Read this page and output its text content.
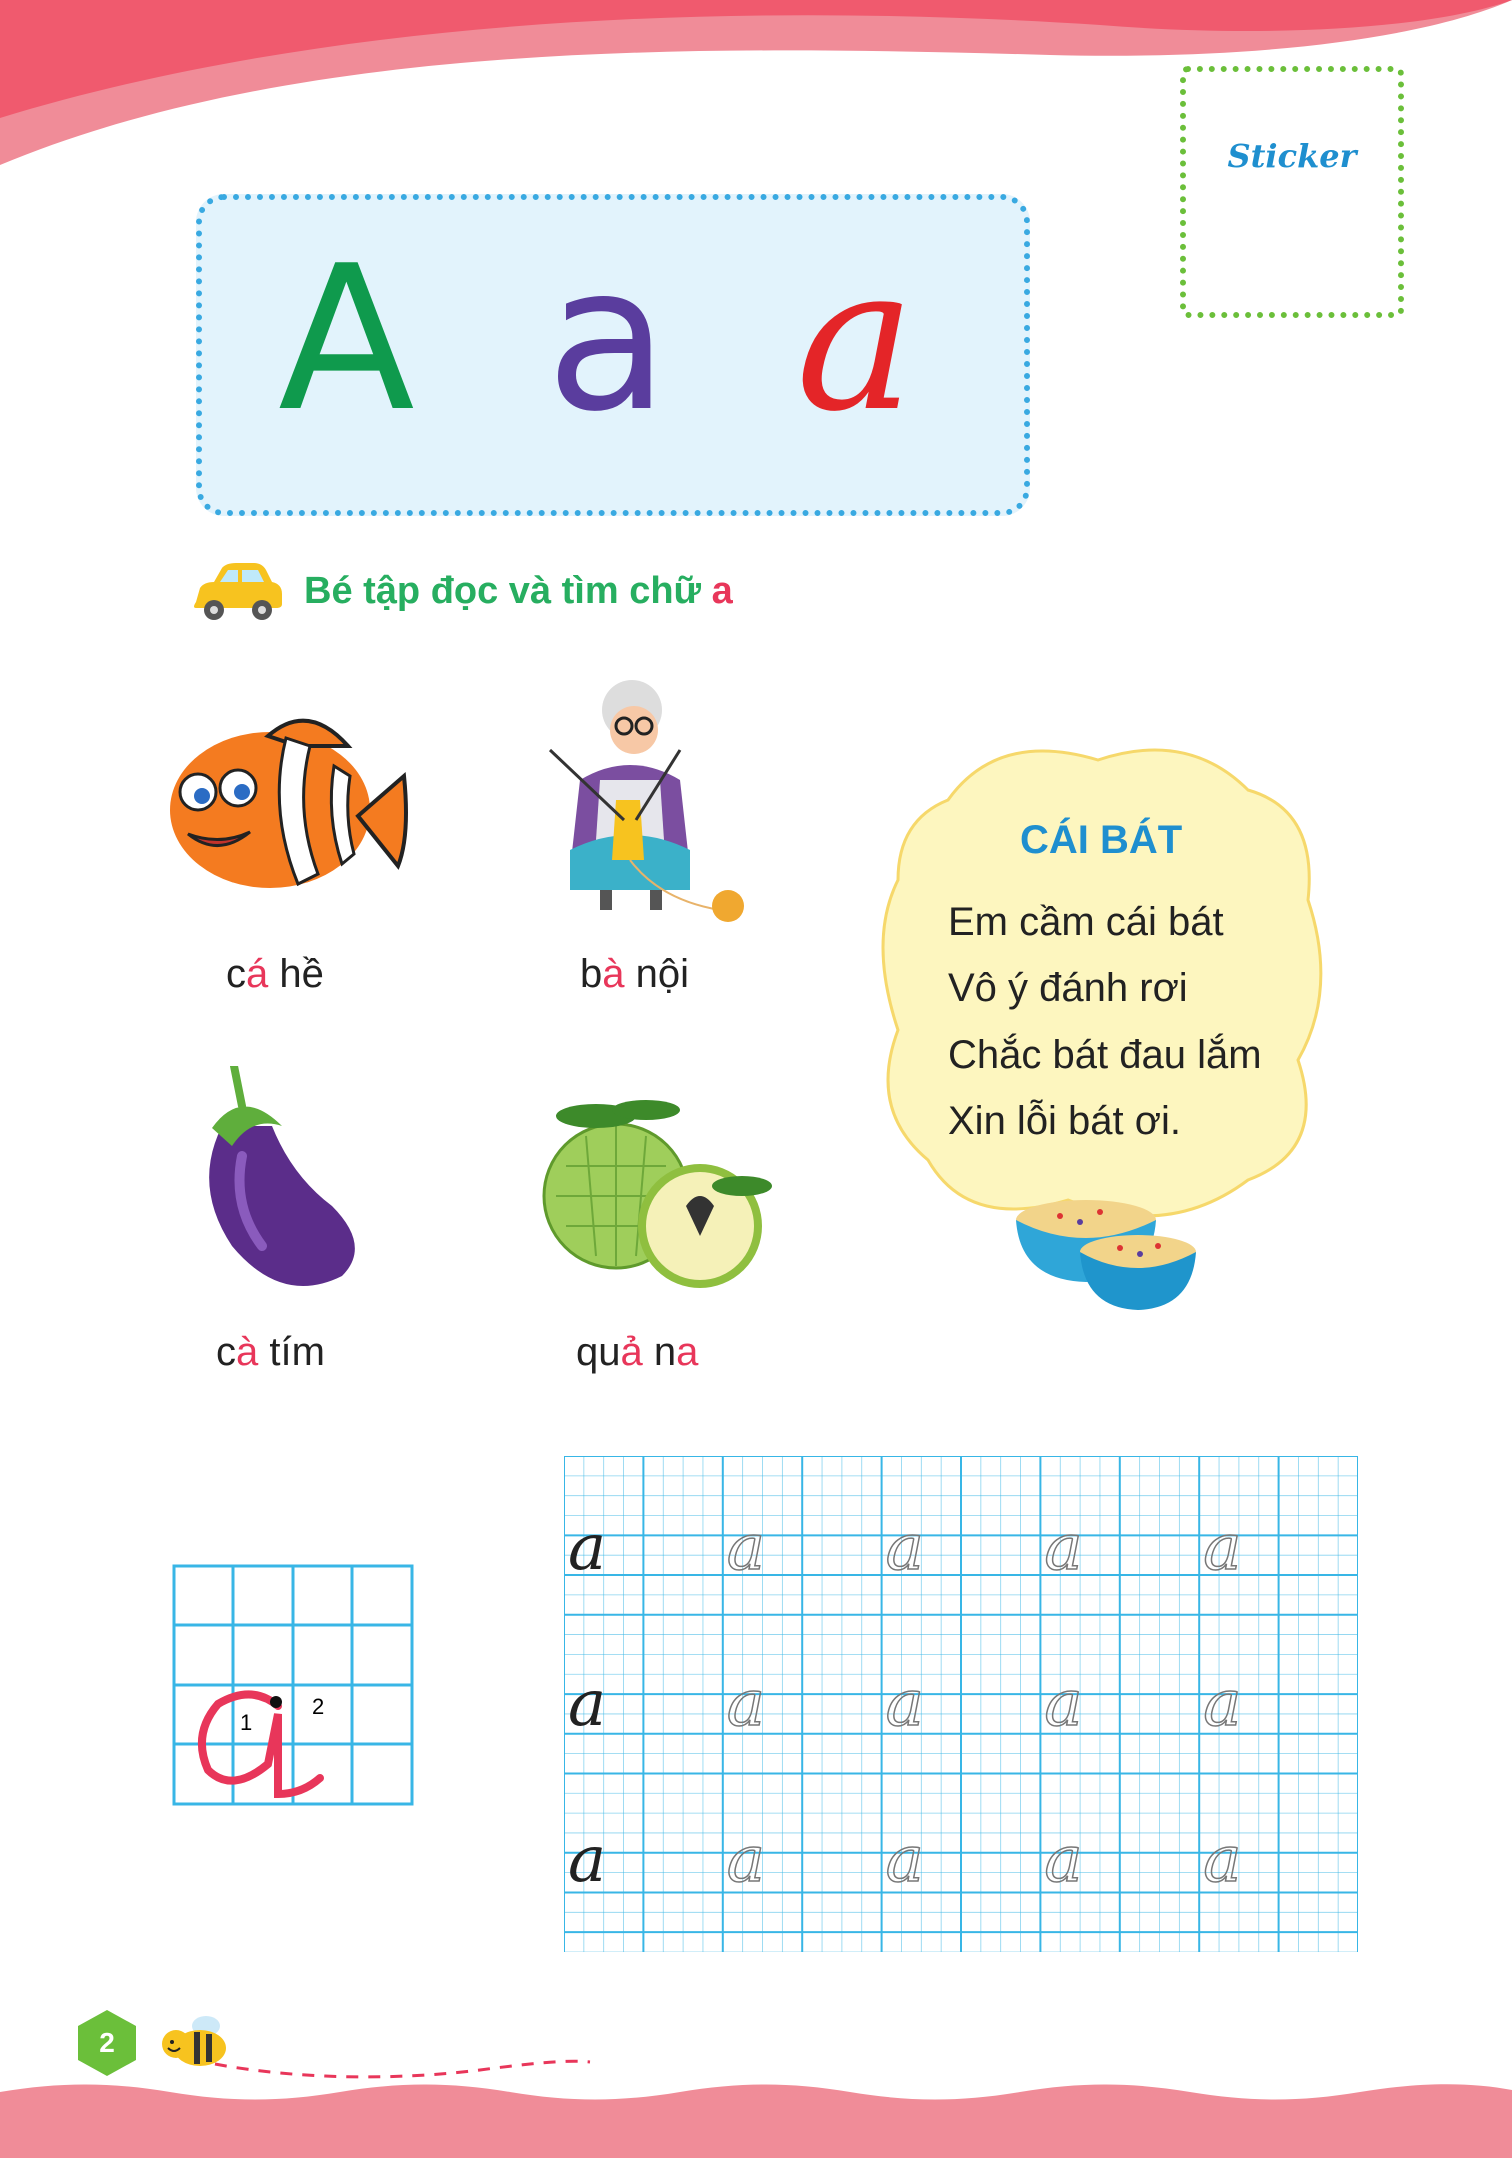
Sticker
A a a
Bé tập đọc và tìm chữ a
cá hề	bà nội
cà tím	quả na
CÁI BÁT
Em cầm cái bát
Vô ý đánh rơi
Chắc bát đau lắm
Xin lỗi bát ơi.
1
2
a a a a a
a a a a a
a a a a a
2
